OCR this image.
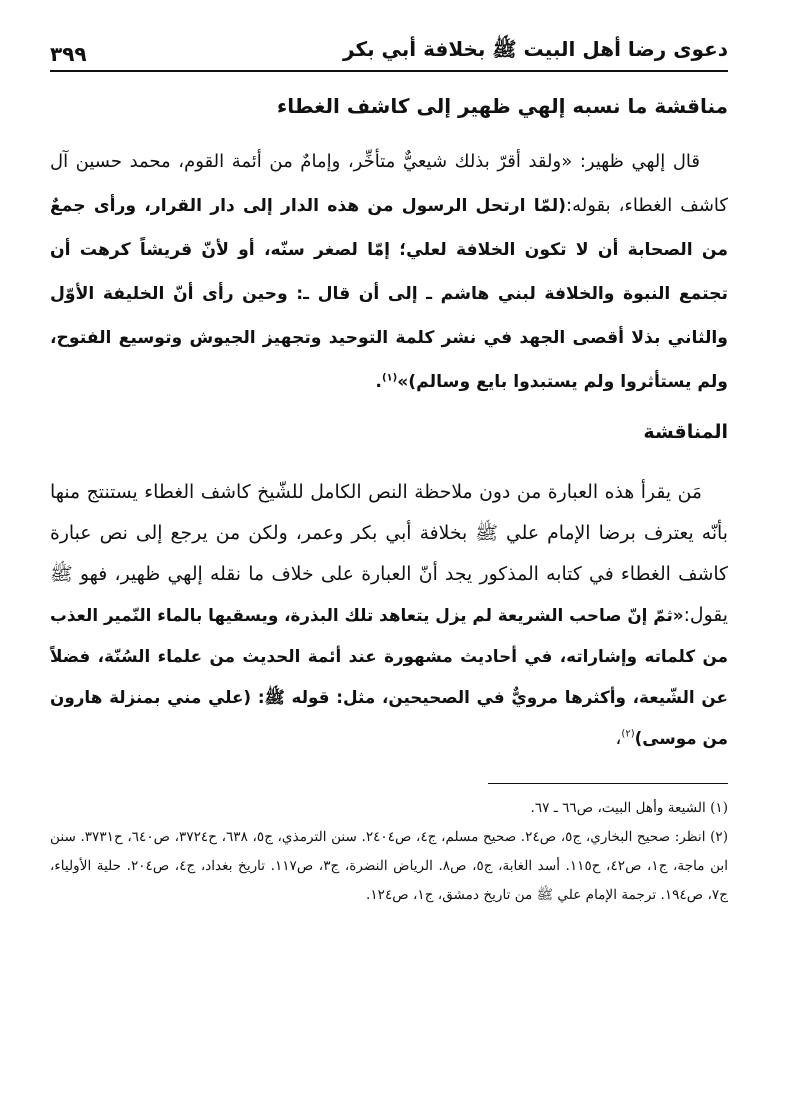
دعوى رضا أهل البيت ﷺ بخلافة أبي بكر
٣٩٩
مناقشة ما نسبه إلهي ظهير إلى كاشف الغطاء

قال إلهي ظهير: «ولقد أقرّ بذلك شيعيٌّ متأخِّر، وإمامٌ من أئمة القوم، محمد حسين آل كاشف الغطاء، بقوله:(لمّا ارتحل الرسول من هذه الدار إلى دار القرار، ورأى جمعٌ من الصحابة أن لا تكون الخلافة لعلي؛ إمّا لصغر سنّه، أو لأنّ قريشاً كرهت أن تجتمع النبوة والخلافة لبني هاشم ـ إلى أن قال ـ: وحين رأى أنّ الخليفة الأوّل والثاني بذلا أقصى الجهد في نشر كلمة التوحيد وتجهيز الجيوش وتوسيع الفتوح، ولم يستأثروا ولم يستبدوا بايع وسالم)»$^{(١)}$.

المناقشة

مَن يقرأ هذه العبارة من دون ملاحظة النص الكامل للشّيخ كاشف الغطاء يستنتج منها بأنّه يعترف برضا الإمام علي ﷺ بخلافة أبي بكر وعمر، ولكن من يرجع إلى نص عبارة كاشف الغطاء في كتابه المذكور يجد أنّ العبارة على خلاف ما نقله إلهي ظهير، فهو ﷺ يقول:«ثمّ إنّ صاحب الشريعة لم يزل يتعاهد تلك البذرة، ويسقيها بالماء النّمير العذب من كلماته وإشاراته، في أحاديث مشهورة عند أئمة الحديث من علماء السُنّة، فضلاً عن الشّيعة، وأكثرها مرويٌّ في الصحيحين، مثل: قوله ﷺ: (علي مني بمنزلة هارون من موسى)$^{(٢)}$،

(١) الشيعة وأهل البيت، ص٦٦ ـ ٦٧.

(٢) انظر: صحيح البخاري، ج٥، ص٢٤. صحيح مسلم، ج٤، ص٢٤٠٤. سنن الترمذي، ج٥، ٦٣٨، ح٣٧٢٤، ص٦٤٠، ح٣٧٣١. سنن ابن ماجة، ج١، ص٤٢، ح١١٥. أسد الغابة، ج٥، ص٨. الرياض النضرة، ج٣، ص١١٧. تاريخ بغداد، ج٤، ص٢٠٤. حلية الأولياء، ج٧، ص١٩٤. ترجمة الإمام علي ﷺ من تاريخ دمشق، ج١، ص١٢٤.
